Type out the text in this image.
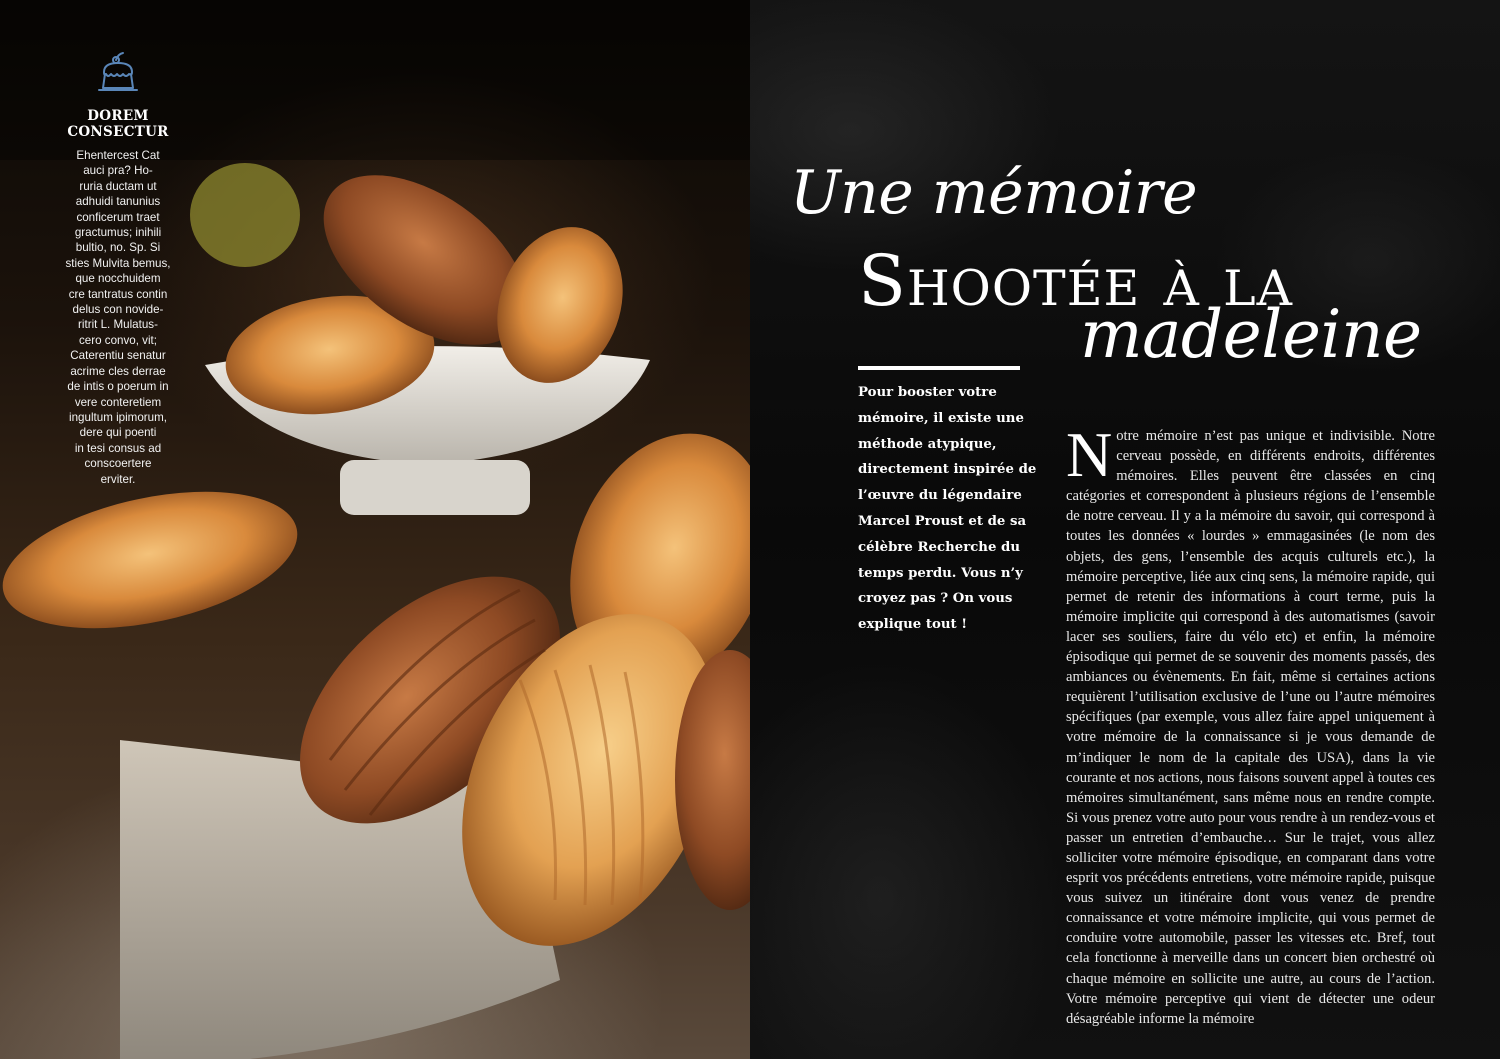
DOREM
CONSECTUR

Ehentercest Cat
auci pra? Ho-
ruria ductam ut
adhuidi tanunius
conficerum traet
gractumus; inihili
bultio, no. Sp. Si
sties Mulvita bemus,
que nocchuidem
cre tantratus contin
delus con novide-
ritrit L. Mulatus-
cero convo, vit;
Caterentiu senatur
acrime cles derrae
de intis o poerum in
vere conteretiem
ingultum ipimorum,
dere qui poenti
in tesi consus ad
conscoertere
erviter.

Une mémoire
Shootée à la
madeleine

Pour booster votre mémoire, il existe une méthode atypique, directement inspirée de l’œuvre du légendaire Marcel Proust et de sa célèbre Recherche du temps perdu. Vous n’y croyez pas ? On vous explique tout !

Notre mémoire n’est pas unique et indivisible. Notre cerveau possède, en différents endroits, différentes mémoires. Elles peuvent être classées en cinq catégories et correspondent à plusieurs régions de l’ensemble de notre cerveau. Il y a la mémoire du savoir, qui correspond à toutes les données « lourdes » emmagasinées (le nom des objets, des gens, l’ensemble des acquis culturels etc.), la mémoire perceptive, liée aux cinq sens, la mémoire rapide, qui permet de retenir des informations à court terme, puis la mémoire implicite qui correspond à des automatismes (savoir lacer ses souliers, faire du vélo etc) et enfin, la mémoire épisodique qui permet de se souvenir des moments passés, des ambiances ou évènements. En fait, même si certaines actions requièrent l’utilisation exclusive de l’une ou l’autre mémoires spécifiques (par exemple, vous allez faire appel uniquement à votre mémoire de la connaissance si je vous demande de m’indiquer le nom de la capitale des USA), dans la vie courante et nos actions, nous faisons souvent appel à toutes ces mémoires simultanément, sans même nous en rendre compte. Si vous prenez votre auto pour vous rendre à un rendez-vous et passer un entretien d’embauche… Sur le trajet, vous allez solliciter votre mémoire épisodique, en comparant dans votre esprit vos précédents entretiens, votre mémoire rapide, puisque vous suivez un itinéraire dont vous venez de prendre connaissance et votre mémoire implicite, qui vous permet de conduire votre automobile, passer les vitesses etc. Bref, tout cela fonctionne à merveille dans un concert bien orchestré où chaque mémoire en sollicite une autre, au cours de l’action. Votre mémoire perceptive qui vient de détecter une odeur désagréable informe la mémoire
